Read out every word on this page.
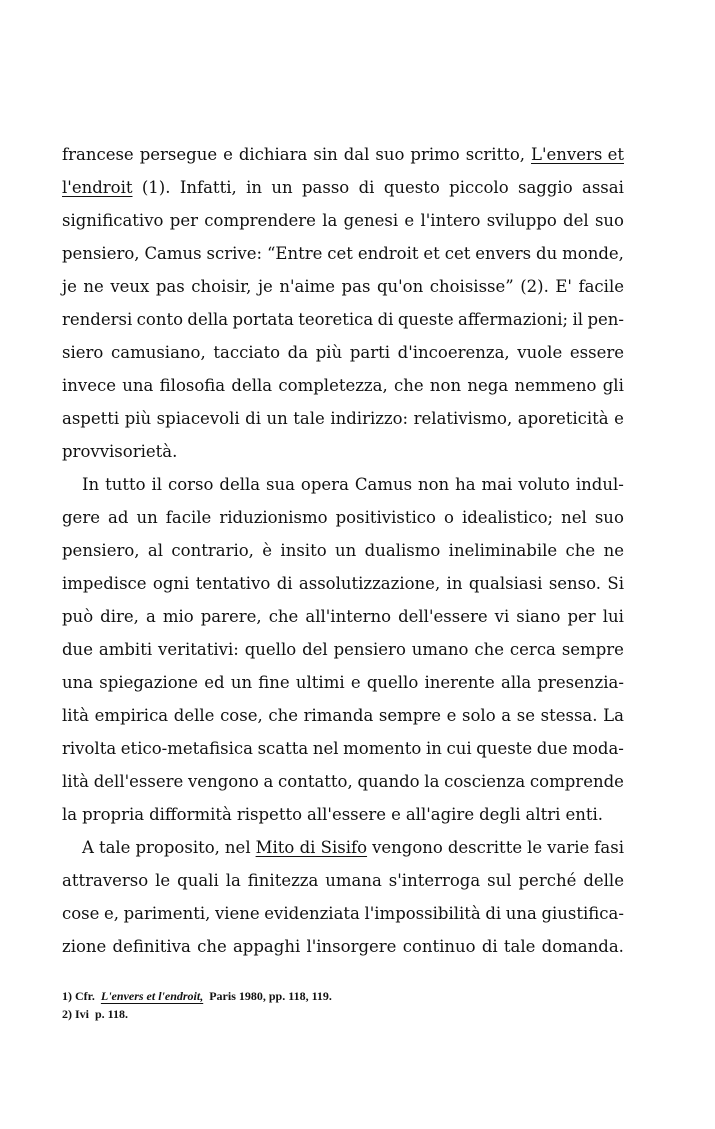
francese persegue e dichiara sin dal suo primo scritto, L'envers et
l'endroit (1). Infatti, in un passo di questo piccolo saggio assai
significativo per comprendere la genesi e l'intero sviluppo del suo
pensiero, Camus scrive: “Entre cet endroit et cet envers du monde,
je ne veux pas choisir, je n'aime pas qu'on choisisse” (2). E' facile
rendersi conto della portata teoretica di queste affermazioni; il pen-
siero camusiano, tacciato da più parti d'incoerenza, vuole essere
invece una filosofia della completezza, che non nega nemmeno gli
aspetti più spiacevoli di un tale indirizzo: relativismo, aporeticità e
provvisorietà.
In tutto il corso della sua opera Camus non ha mai voluto indul-
gere ad un facile riduzionismo positivistico o idealistico; nel suo
pensiero, al contrario, è insito un dualismo ineliminabile che ne
impedisce ogni tentativo di assolutizzazione, in qualsiasi senso. Si
può dire, a mio parere, che all'interno dell'essere vi siano per lui
due ambiti veritativi: quello del pensiero umano che cerca sempre
una spiegazione ed un fine ultimi e quello inerente alla presenzia-
lità empirica delle cose, che rimanda sempre e solo a se stessa. La
rivolta etico-metafisica scatta nel momento in cui queste due moda-
lità dell'essere vengono a contatto, quando la coscienza comprende
la propria difformità rispetto all'essere e all'agire degli altri enti.
A tale proposito, nel Mito di Sisifo vengono descritte le varie fasi
attraverso le quali la finitezza umana s'interroga sul perché delle
cose e, parimenti, viene evidenziata l'impossibilità di una giustifica-
zione definitiva che appaghi l'insorgere continuo di tale domanda.
1) Cfr. L'envers et l'endroit, Paris 1980, pp. 118, 119.
2) Ivi p. 118.
